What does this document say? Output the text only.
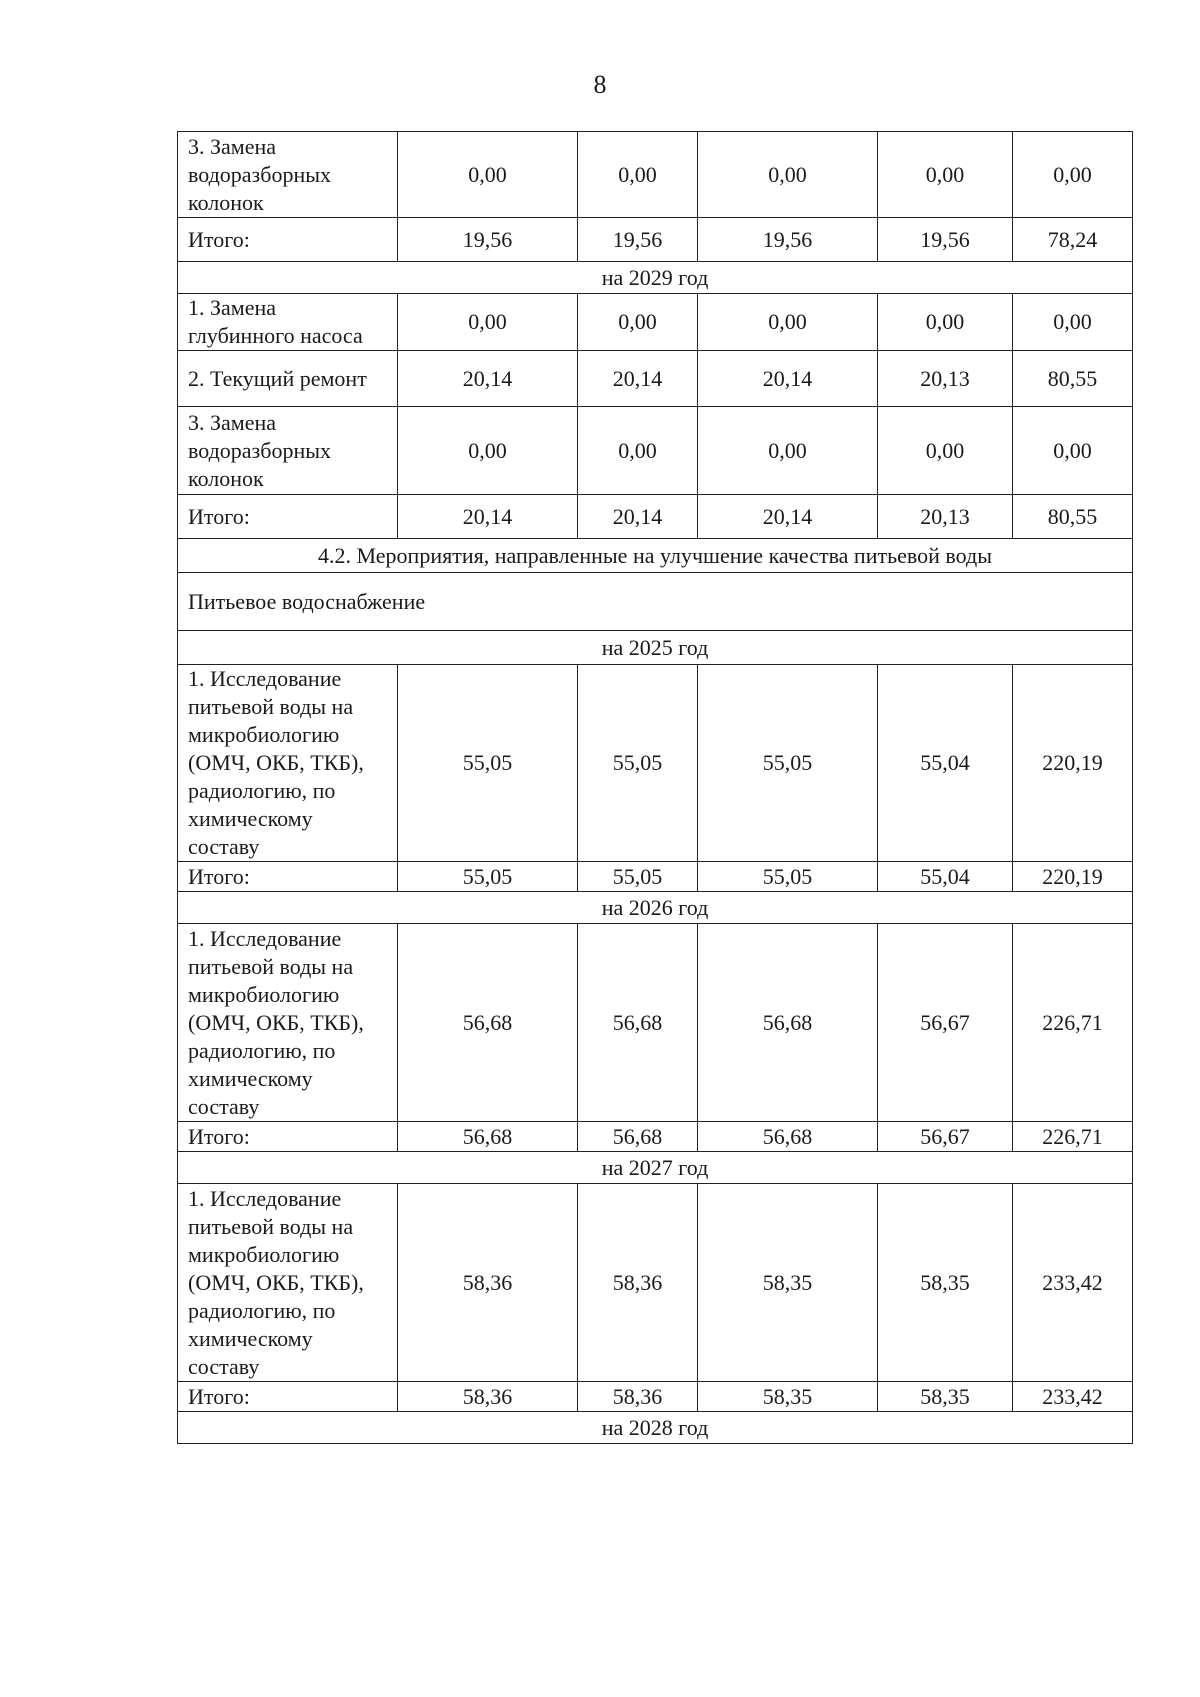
8
3. Замена водоразборных колонок	0,00	0,00	0,00	0,00	0,00
Итого:	19,56	19,56	19,56	19,56	78,24
на 2029 год					
1. Замена глубинного насоса	0,00	0,00	0,00	0,00	0,00
2. Текущий ремонт	20,14	20,14	20,14	20,13	80,55
3. Замена водоразборных колонок	0,00	0,00	0,00	0,00	0,00
Итого:	20,14	20,14	20,14	20,13	80,55
4.2. Мероприятия, направленные на улучшение качества питьевой воды					
Питьевое водоснабжение					
на 2025 год					
1. Исследование питьевой воды на микробиологию (ОМЧ, ОКБ, ТКБ), радиологию, по химическому составу	55,05	55,05	55,05	55,04	220,19
Итого:	55,05	55,05	55,05	55,04	220,19
на 2026 год					
1. Исследование питьевой воды на микробиологию (ОМЧ, ОКБ, ТКБ), радиологию, по химическому составу	56,68	56,68	56,68	56,67	226,71
Итого:	56,68	56,68	56,68	56,67	226,71
на 2027 год					
1. Исследование питьевой воды на микробиологию (ОМЧ, ОКБ, ТКБ), радиологию, по химическому составу	58,36	58,36	58,35	58,35	233,42
Итого:	58,36	58,36	58,35	58,35	233,42
на 2028 год					
